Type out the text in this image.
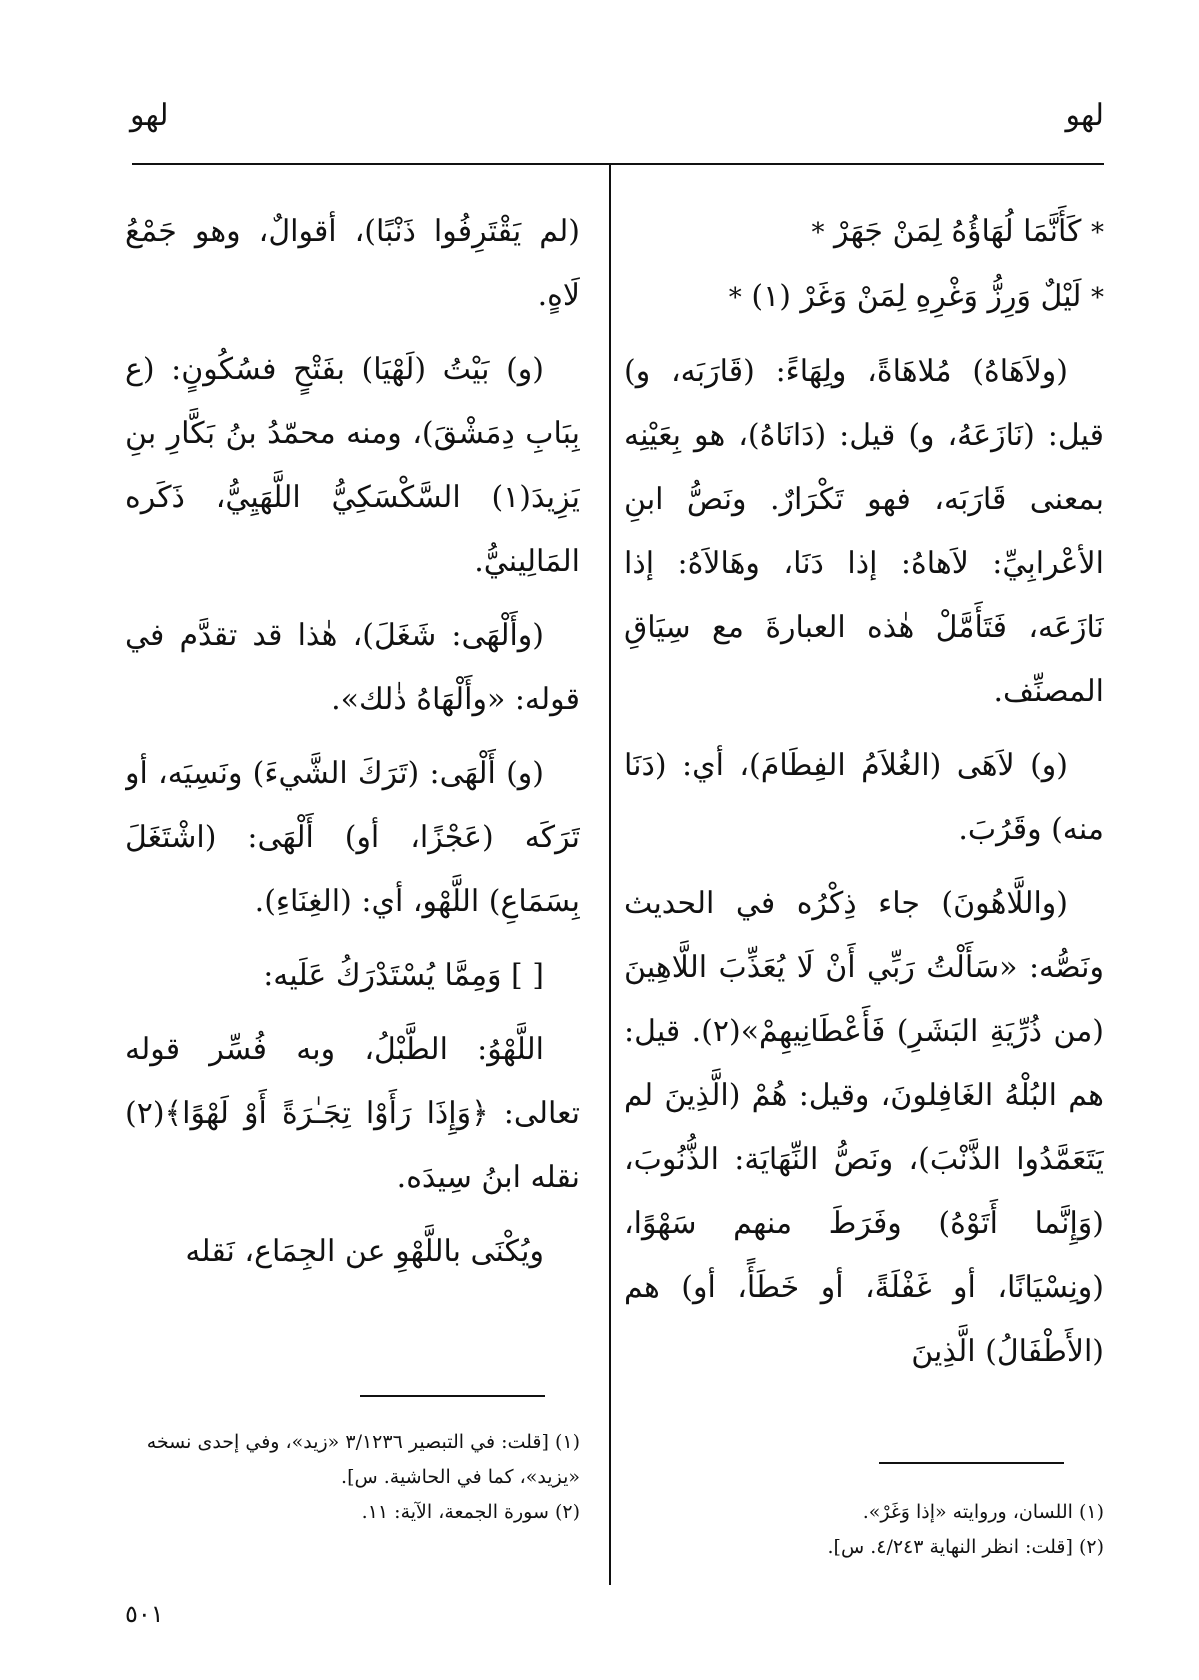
لهو
لهو
* كَأَنَّمَا لُهَاؤُهُ لِمَنْ جَهَرْ *
* لَيْلٌ وَرِزُّ وَغْرِهِ لِمَنْ وَغَرْ (١) *

(ولاَهَاهُ) مُلاهَاةً، ولِهَاءً: (قَارَبَه، و) قيل: (نَازَعَهُ، و) قيل: (دَانَاهُ)، هو بِعَيْنِه بمعنى قَارَبَه، فهو تَكْرَارٌ. ونَصُّ ابنِ الأعْرابِيِّ: لاَهاهُ: إذا دَنَا، وهَالاَهُ: إذا نَازَعَه، فَتَأَمَّلْ هٰذه العبارةَ مع سِيَاقِ المصنِّف.

(و) لاَهَى (الغُلاَمُ الفِطَامَ)، أي: (دَنَا منه) وقَرُبَ.

(واللَّاهُونَ) جاء ذِكْرُه في الحديث ونَصُّه: «سَأَلْتُ رَبِّي أَنْ لَا يُعَذِّبَ اللَّاهِينَ (من ذُرِّيَةِ البَشَرِ) فَأَعْطَانِيهِمْ»(٢). قيل: هم البُلْهُ الغَافِلونَ، وقيل: هُمْ (الَّذِينَ لم يَتَعَمَّدُوا الذَّنْبَ)، ونَصُّ النِّهَايَة: الذُّنُوبَ، (وَإِنَّما أَتَوْهُ) وفَرَطَ منهم سَهْوًا، (ونِسْيَانًا، أو غَفْلَةً، أو خَطَأً، أو) هم (الأَطْفَالُ) الَّذِينَ

(لم يَقْتَرِفُوا ذَنْبًا)، أقوالٌ، وهو جَمْعُ لَاهٍ.

(و) بَيْتُ (لَهْيَا) بفَتْحٍ فسُكُونٍ: (ع بِبَابِ دِمَشْقَ)، ومنه محمّدُ بنُ بَكَّارِ بنِ يَزِيدَ(١) السَّكْسَكِيُّ اللَّهَيِيُّ، ذَكَره المَالِينيُّ.

(وأَلْهَى: شَغَلَ)، هٰذا قد تقدَّم في قوله: «وأَلْهَاهُ ذٰلك».

(و) أَلْهَى: (تَرَكَ الشَّيءَ) ونَسِيَه، أو تَرَكَه (عَجْزًا، أو) أَلْهَى: (اشْتَغَلَ بِسَمَاعِ) اللَّهْو، أي: (الغِنَاءِ).

[ ] وَمِمَّا يُسْتَدْرَكُ عَلَيه:

اللَّهْوُ: الطَّبْلُ، وبه فُسِّر قوله تعالى: ﴿وَإِذَا رَأَوْا تِجَـٰرَةً أَوْ لَهْوًا﴾(٢) نقله ابنُ سِيدَه.

ويُكْنَى باللَّهْوِ عن الجِمَاع، نَقله

(١) اللسان، وروايته «إذا وَغَرْ».
(٢) [قلت: انظر النهاية ٤/٢٤٣. س].
(١) [قلت: في التبصير ٣/١٢٣٦ «زيد»، وفي إحدى نسخه «يزيد»، كما في الحاشية. س].
(٢) سورة الجمعة، الآية: ١١.
٥٠١
